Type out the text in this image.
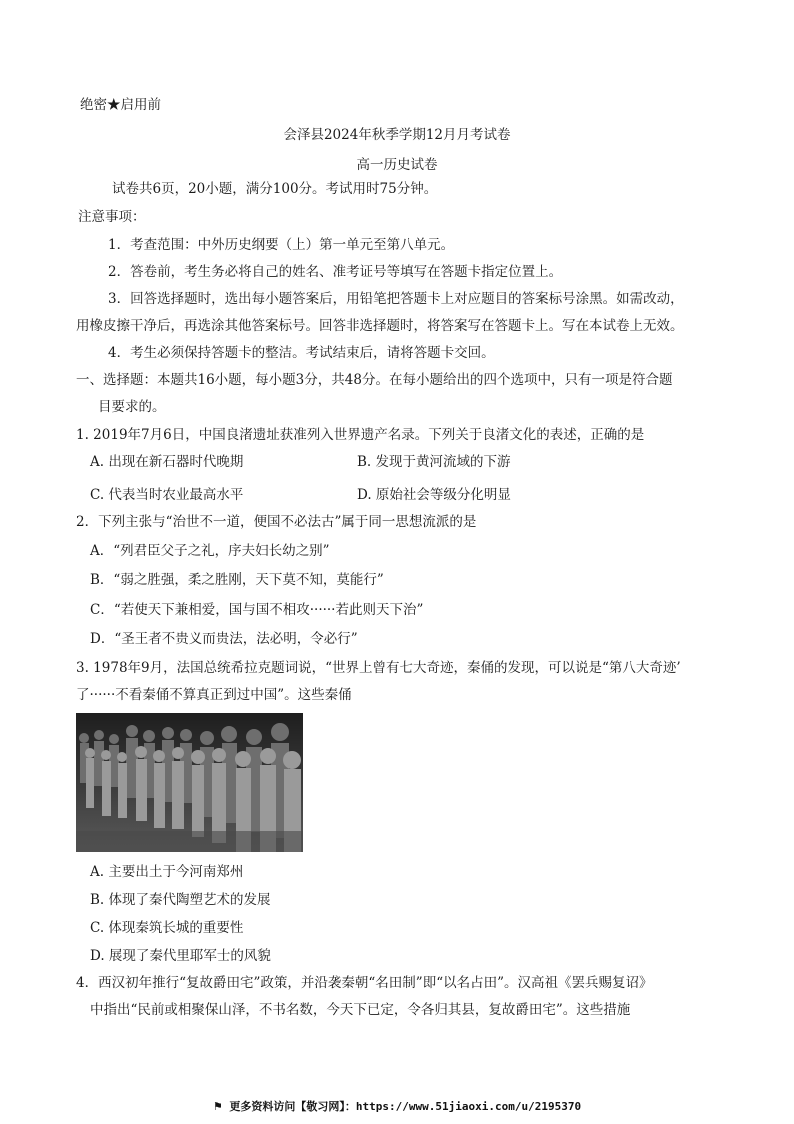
绝密★启用前
会泽县2024年秋季学期12月月考试卷
高一历史试卷
试卷共6页，20小题，满分100分。考试用时75分钟。
注意事项：
1．考查范围：中外历史纲要（上）第一单元至第八单元。
2．答卷前，考生务必将自己的姓名、准考证号等填写在答题卡指定位置上。
3．回答选择题时，选出每小题答案后，用铅笔把答题卡上对应题目的答案标号涂黑。如需改动，
用橡皮擦干净后，再选涂其他答案标号。回答非选择题时，将答案写在答题卡上。写在本试卷上无效。
4．考生必须保持答题卡的整洁。考试结束后，请将答题卡交回。
一、选择题：本题共16小题，每小题3分，共48分。在每小题给出的四个选项中，只有一项是符合题
目要求的。
1. 2019年7月6日，中国良渚遗址获准列入世界遗产名录。下列关于良渚文化的表述，正确的是
A. 出现在新石器时代晚期	B. 发现于黄河流域的下游
C. 代表当时农业最高水平	D. 原始社会等级分化明显
2．下列主张与“治世不一道，便国不必法古”属于同一思想流派的是
A．“列君臣父子之礼，序夫妇长幼之别”
B．“弱之胜强，柔之胜刚，天下莫不知，莫能行”
C．“若使天下兼相爱，国与国不相攻······若此则天下治”
D．“圣王者不贵义而贵法，法必明，令必行”
3. 1978年9月，法国总统希拉克题词说，“世界上曾有七大奇迹，秦俑的发现，可以说是“第八大奇迹’
了······不看秦俑不算真正到过中国”。这些秦俑
A. 主要出土于今河南郑州
B. 体现了秦代陶塑艺术的发展
C. 体现秦筑长城的重要性
D. 展现了秦代里耶军士的风貌
4．西汉初年推行“复故爵田宅”政策，并沿袭秦朝“名田制”即“以名占田”。汉高祖《罢兵赐复诏》
中指出“民前或相聚保山泽，不书名数，今天下已定，令各归其县，复故爵田宅”。这些措施
⚑ 更多资料访问【敬习网】：https://www.51jiaoxi.com/u/2195370
